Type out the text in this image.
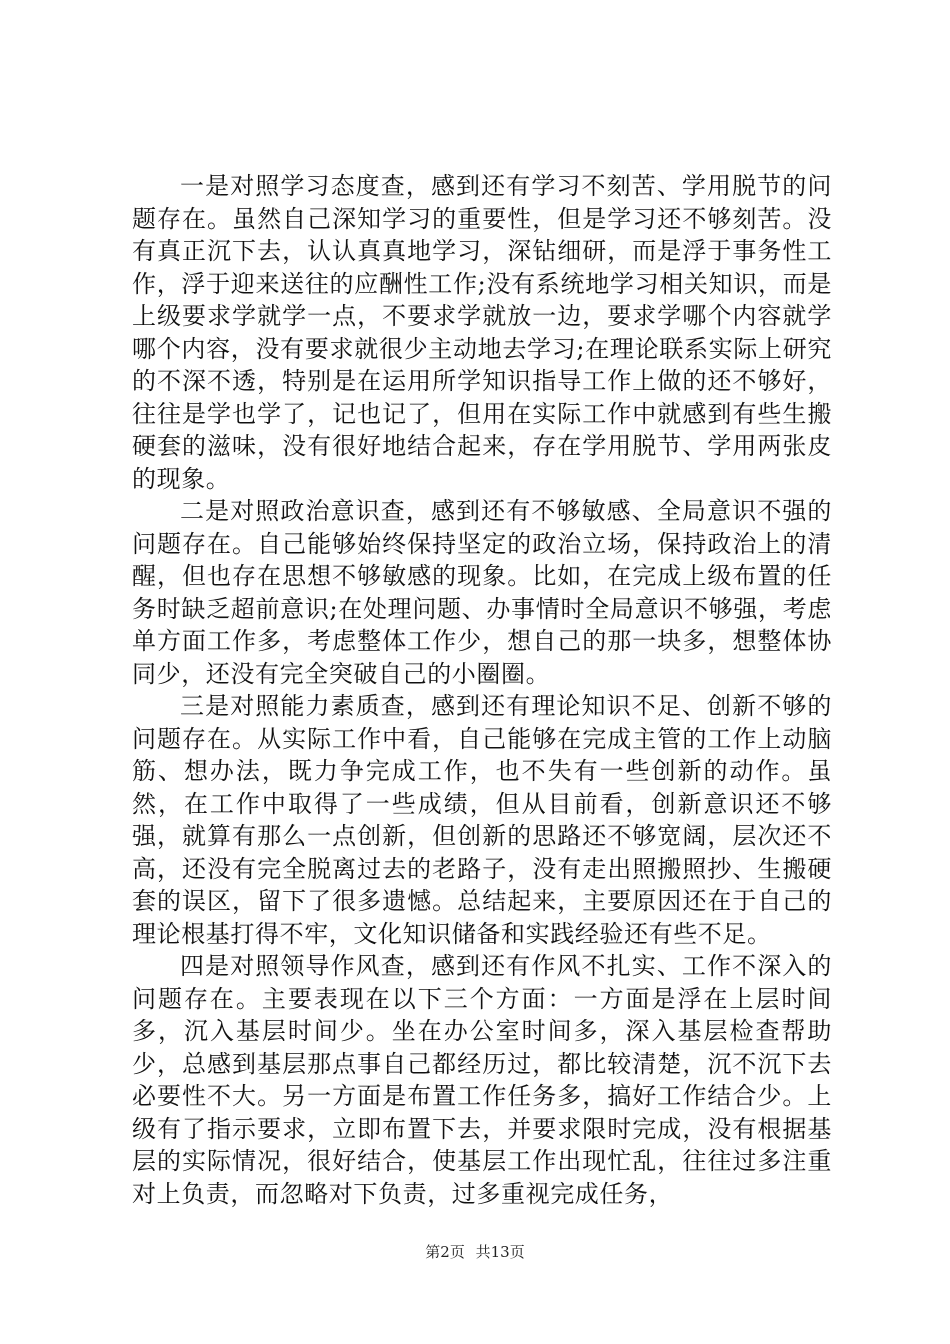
一是对照学习态度查，感到还有学习不刻苦、学用脱节的问题存在。虽然自己深知学习的重要性，但是学习还不够刻苦。没有真正沉下去，认认真真地学习，深钻细研，而是浮于事务性工作，浮于迎来送往的应酬性工作;没有系统地学习相关知识，而是上级要求学就学一点，不要求学就放一边，要求学哪个内容就学哪个内容，没有要求就很少主动地去学习;在理论联系实际上研究的不深不透，特别是在运用所学知识指导工作上做的还不够好，往往是学也学了，记也记了，但用在实际工作中就感到有些生搬硬套的滋味，没有很好地结合起来，存在学用脱节、学用两张皮的现象。

二是对照政治意识查，感到还有不够敏感、全局意识不强的问题存在。自己能够始终保持坚定的政治立场，保持政治上的清醒，但也存在思想不够敏感的现象。比如，在完成上级布置的任务时缺乏超前意识;在处理问题、办事情时全局意识不够强，考虑单方面工作多，考虑整体工作少，想自己的那一块多，想整体协同少，还没有完全突破自己的小圈圈。

三是对照能力素质查，感到还有理论知识不足、创新不够的问题存在。从实际工作中看，自己能够在完成主管的工作上动脑筋、想办法，既力争完成工作，也不失有一些创新的动作。虽然，在工作中取得了一些成绩，但从目前看，创新意识还不够强，就算有那么一点创新，但创新的思路还不够宽阔，层次还不高，还没有完全脱离过去的老路子，没有走出照搬照抄、生搬硬套的误区，留下了很多遗憾。总结起来，主要原因还在于自己的理论根基打得不牢，文化知识储备和实践经验还有些不足。

四是对照领导作风查，感到还有作风不扎实、工作不深入的问题存在。主要表现在以下三个方面：一方面是浮在上层时间多，沉入基层时间少。坐在办公室时间多，深入基层检查帮助少，总感到基层那点事自己都经历过，都比较清楚，沉不沉下去必要性不大。另一方面是布置工作任务多，搞好工作结合少。上级有了指示要求，立即布置下去，并要求限时完成，没有根据基层的实际情况，很好结合，使基层工作出现忙乱，往往过多注重对上负责，而忽略对下负责，过多重视完成任务，

第2页 共13页
